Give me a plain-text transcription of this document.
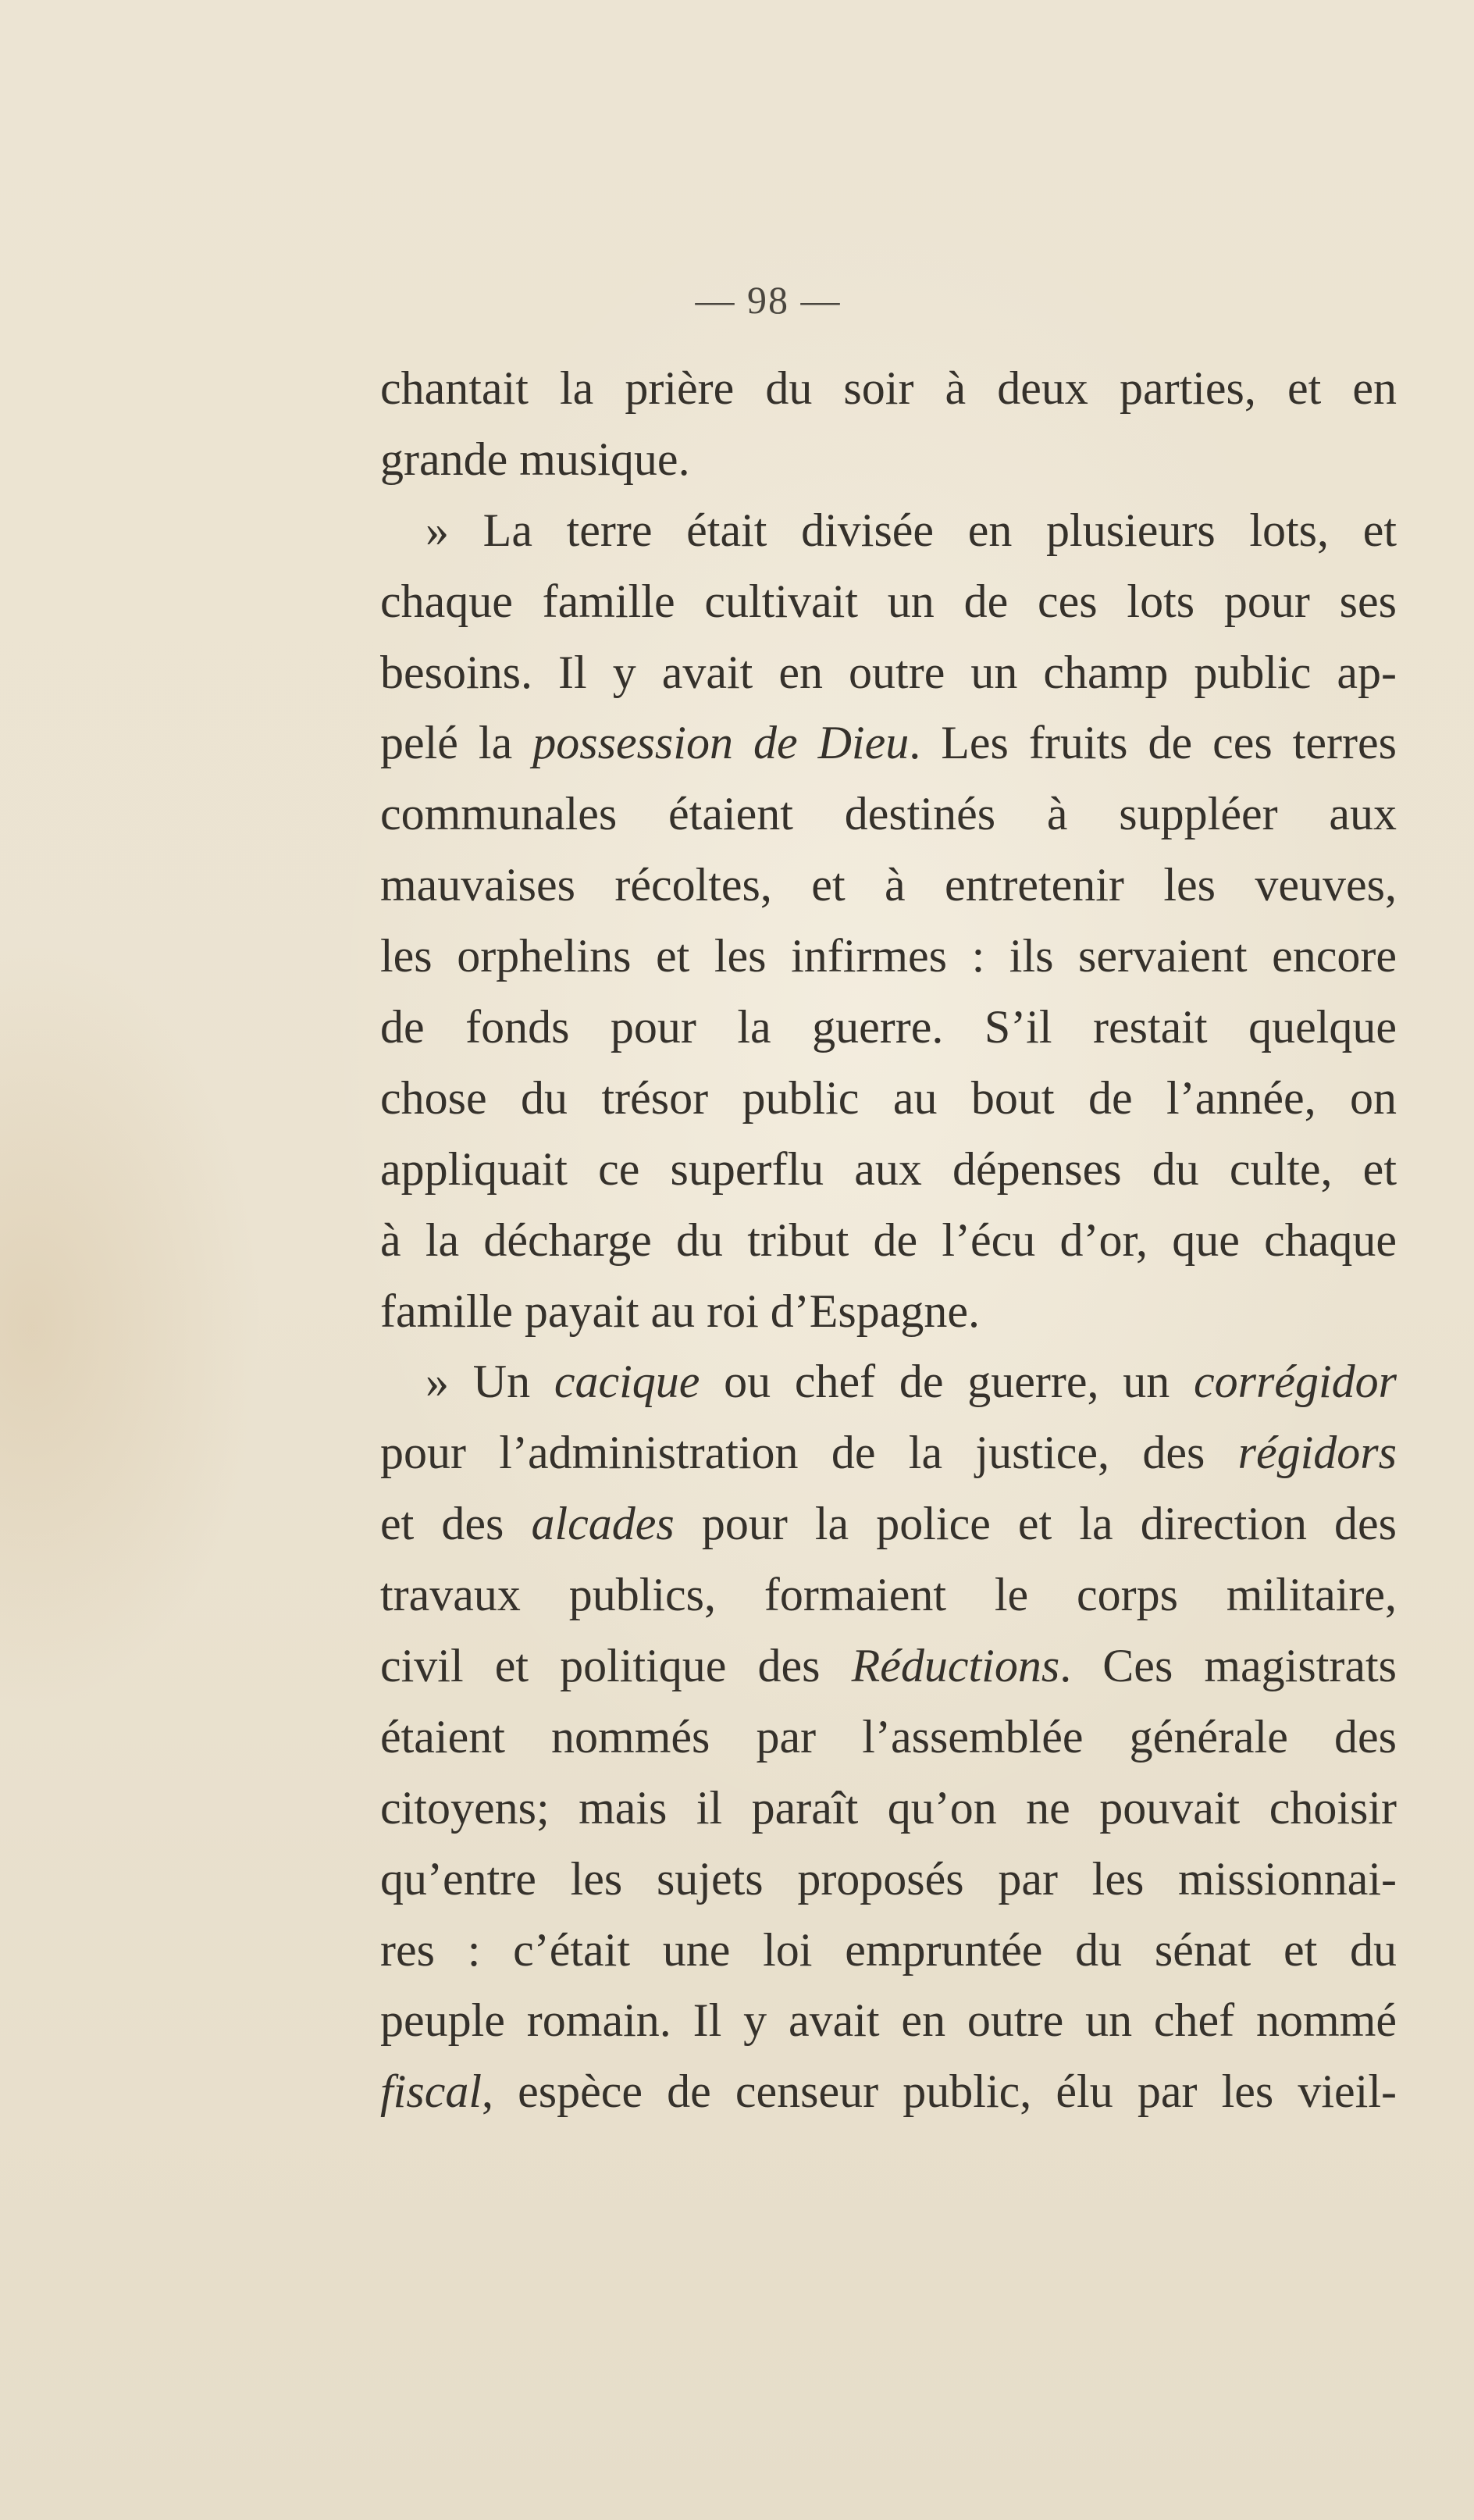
— 98 —
chantait la prière du soir à deux parties, et en
grande musique.
» La terre était divisée en plusieurs lots, et
chaque famille cultivait un de ces lots pour ses
besoins. Il y avait en outre un champ public ap-
pelé la possession de Dieu. Les fruits de ces terres
communales étaient destinés à suppléer aux
mauvaises récoltes, et à entretenir les veuves,
les orphelins et les infirmes : ils servaient encore
de fonds pour la guerre. S’il restait quelque
chose du trésor public au bout de l’année, on
appliquait ce superflu aux dépenses du culte, et
à la décharge du tribut de l’écu d’or, que chaque
famille payait au roi d’Espagne.
» Un cacique ou chef de guerre, un corrégidor
pour l’administration de la justice, des régidors
et des alcades pour la police et la direction des
travaux publics, formaient le corps militaire,
civil et politique des Réductions. Ces magistrats
étaient nommés par l’assemblée générale des
citoyens; mais il paraît qu’on ne pouvait choisir
qu’entre les sujets proposés par les missionnai-
res : c’était une loi empruntée du sénat et du
peuple romain. Il y avait en outre un chef nommé
fiscal, espèce de censeur public, élu par les vieil-
